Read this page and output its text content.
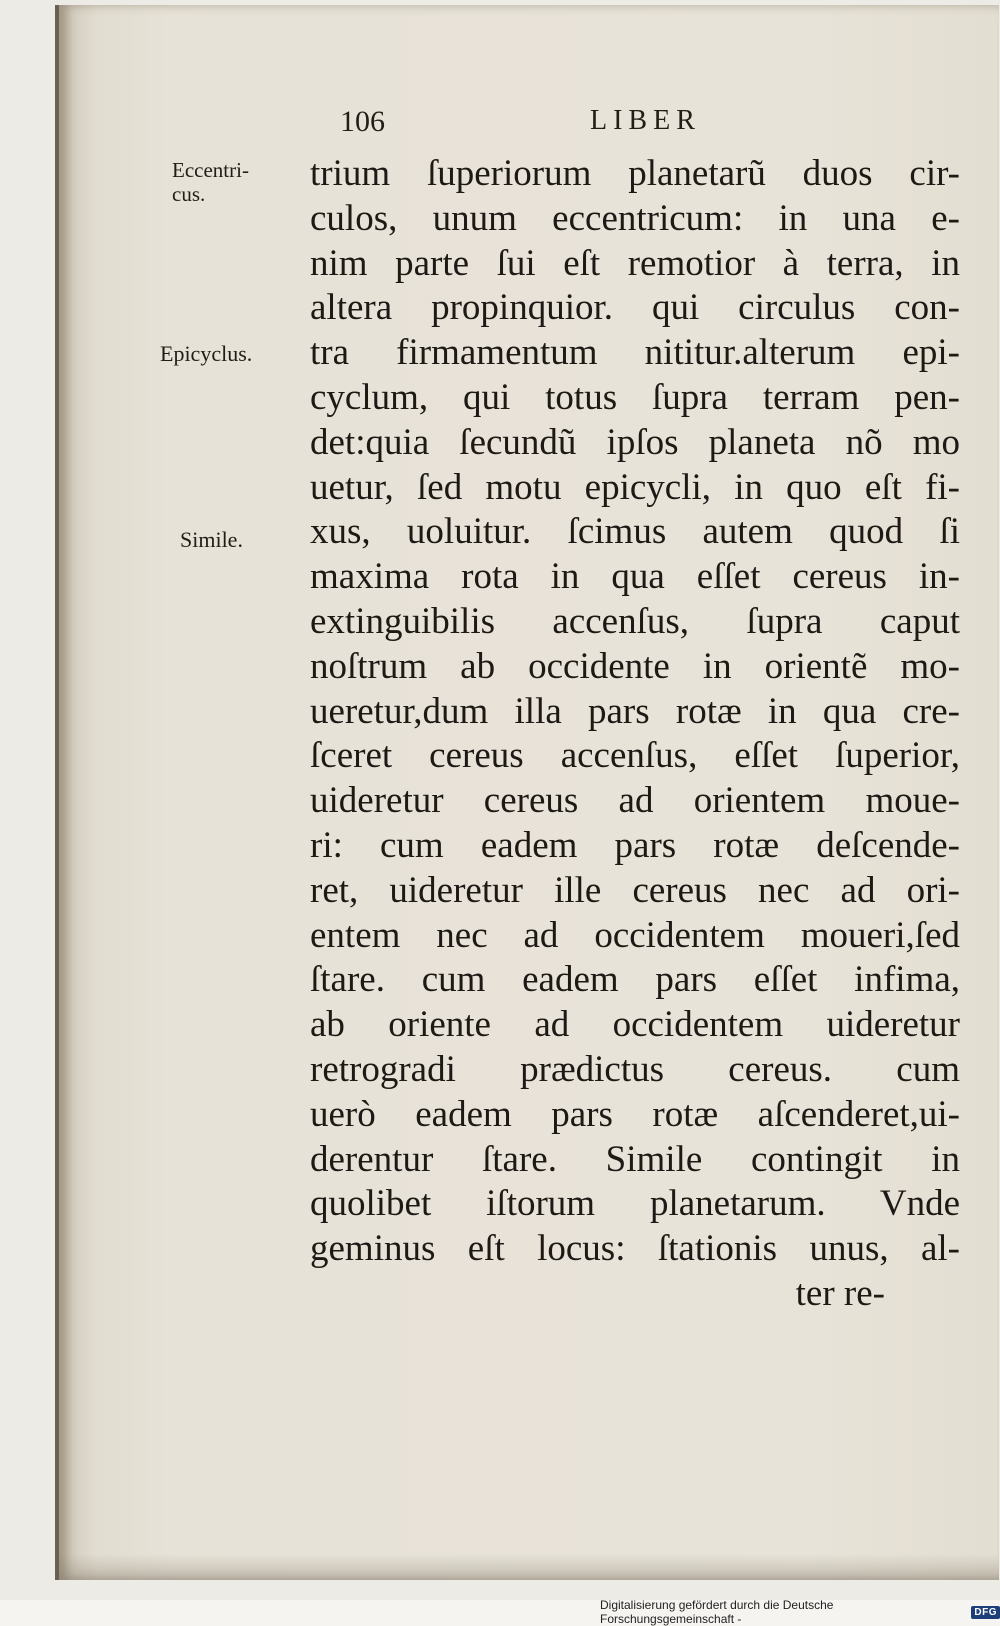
106	LIBER
Eccentri-
cus.
Epicyclus.
Simile.
trium ſuperiorum planetarũ duos cir-
culos, unum eccentricum: in una e-
nim parte ſui eſt remotior à terra, in
altera propinquior. qui circulus con-
tra firmamentum nititur.alterum epi-
cyclum, qui totus ſupra terram pen-
det:quia ſecundũ ipſos planeta nõ mo
uetur, ſed motu epicycli, in quo eſt fi-
xus, uoluitur. ſcimus autem quod ſi
maxima rota in qua eſſet cereus in-
extinguibilis accenſus, ſupra caput
noſtrum ab occidente in orientẽ mo-
ueretur,dum illa pars rotæ in qua cre-
ſceret cereus accenſus, eſſet ſuperior,
uideretur cereus ad orientem moue-
ri: cum eadem pars rotæ deſcende-
ret, uideretur ille cereus nec ad ori-
entem nec ad occidentem moueri,ſed
ſtare. cum eadem pars eſſet infima,
ab oriente ad occidentem uideretur
retrogradi prædictus cereus. cum
uerò eadem pars rotæ aſcenderet,ui-
derentur ſtare. Simile contingit in
quolibet iſtorum planetarum. Vnde
geminus eſt locus: ſtationis unus, al-
ter re-
Digitalisierung gefördert durch die Deutsche Forschungsgemeinschaft -	DFG
